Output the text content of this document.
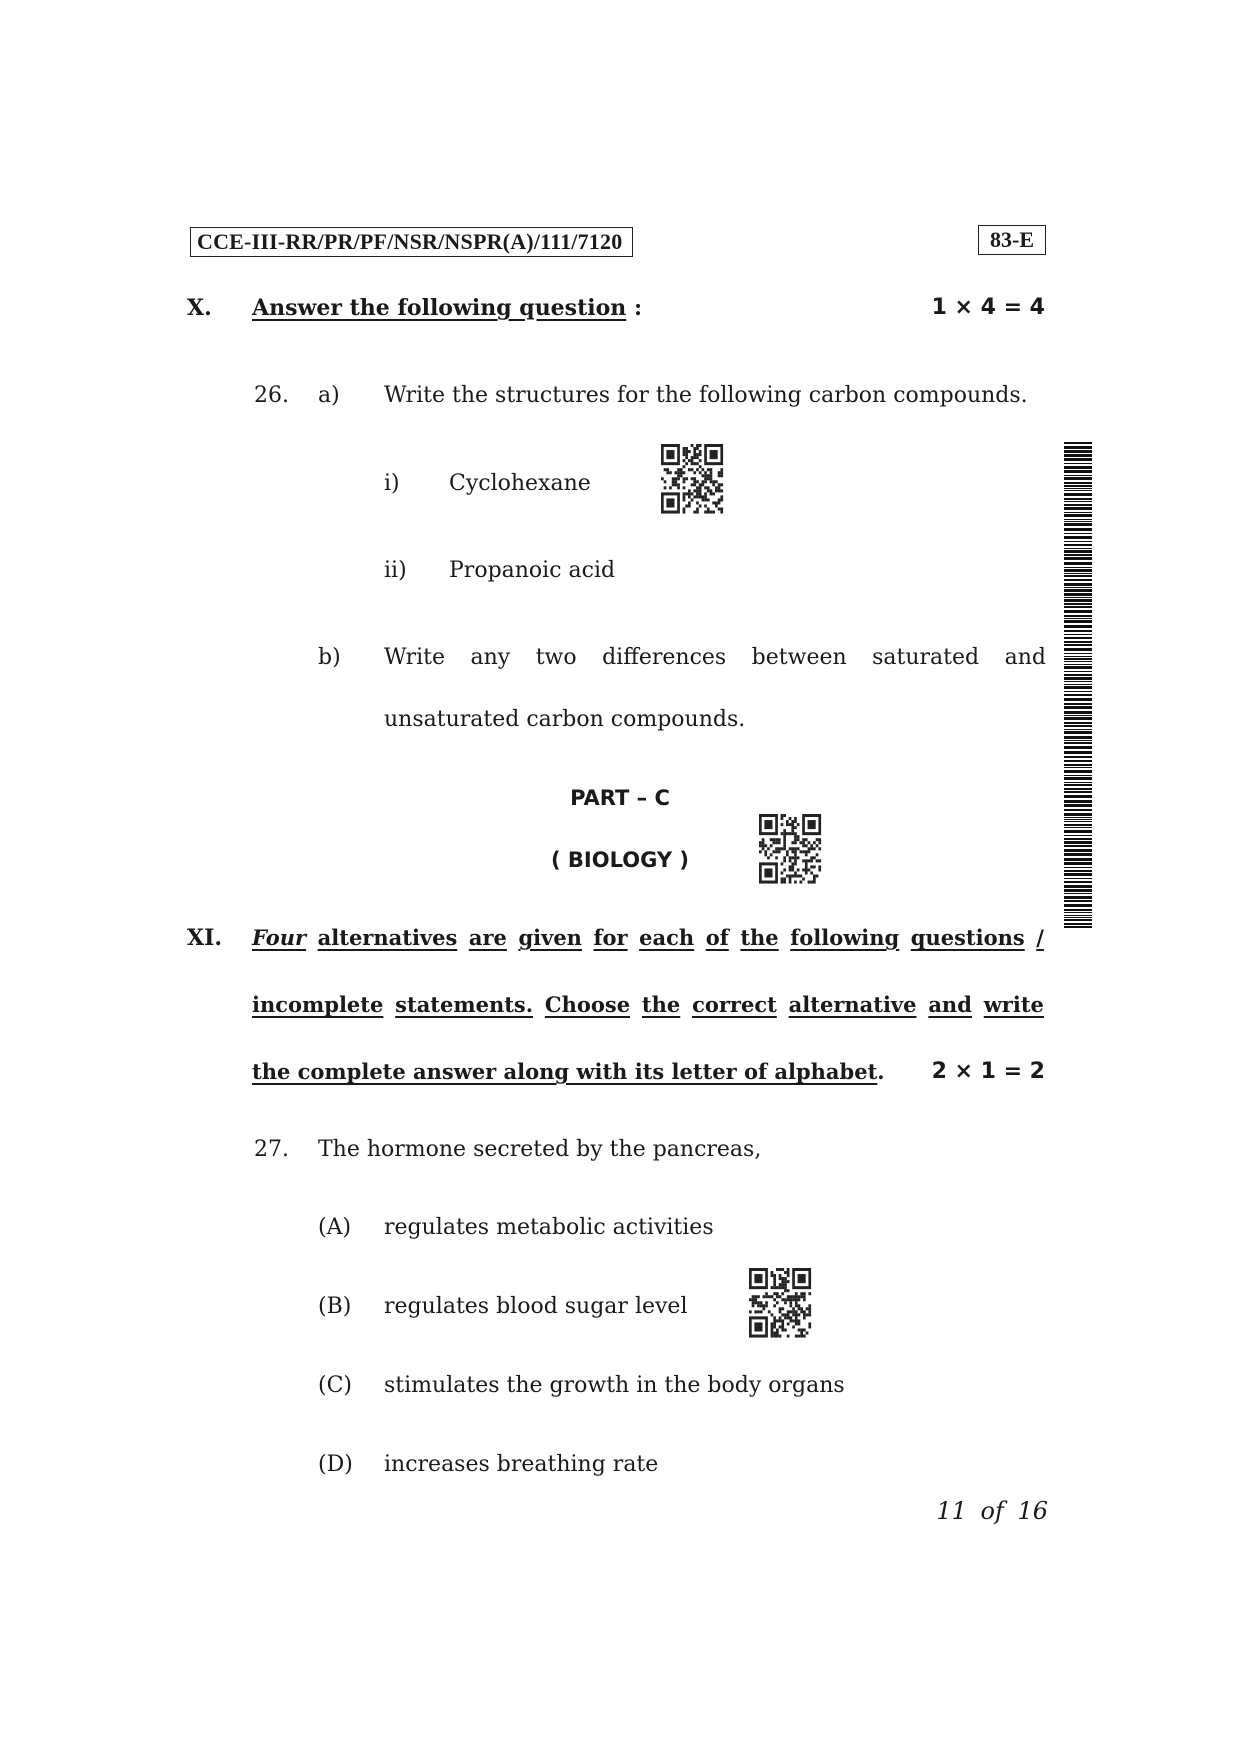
CCE-III-RR/PR/PF/NSR/NSPR(A)/111/7120	83-E
X. Answer the following question :	1 × 4 = 4
26. a) Write the structures for the following carbon compounds.
i) Cyclohexane
ii) Propanoic acid
b) Write any two differences between saturated and
unsaturated carbon compounds.
PART – C
( BIOLOGY )
XI. Four alternatives are given for each of the following questions /
incomplete statements. Choose the correct alternative and write
the complete answer along with its letter of alphabet.	2 × 1 = 2
27. The hormone secreted by the pancreas,
(A) regulates metabolic activities
(B) regulates blood sugar level
(C) stimulates the growth in the body organs
(D) increases breathing rate
11 of 16
